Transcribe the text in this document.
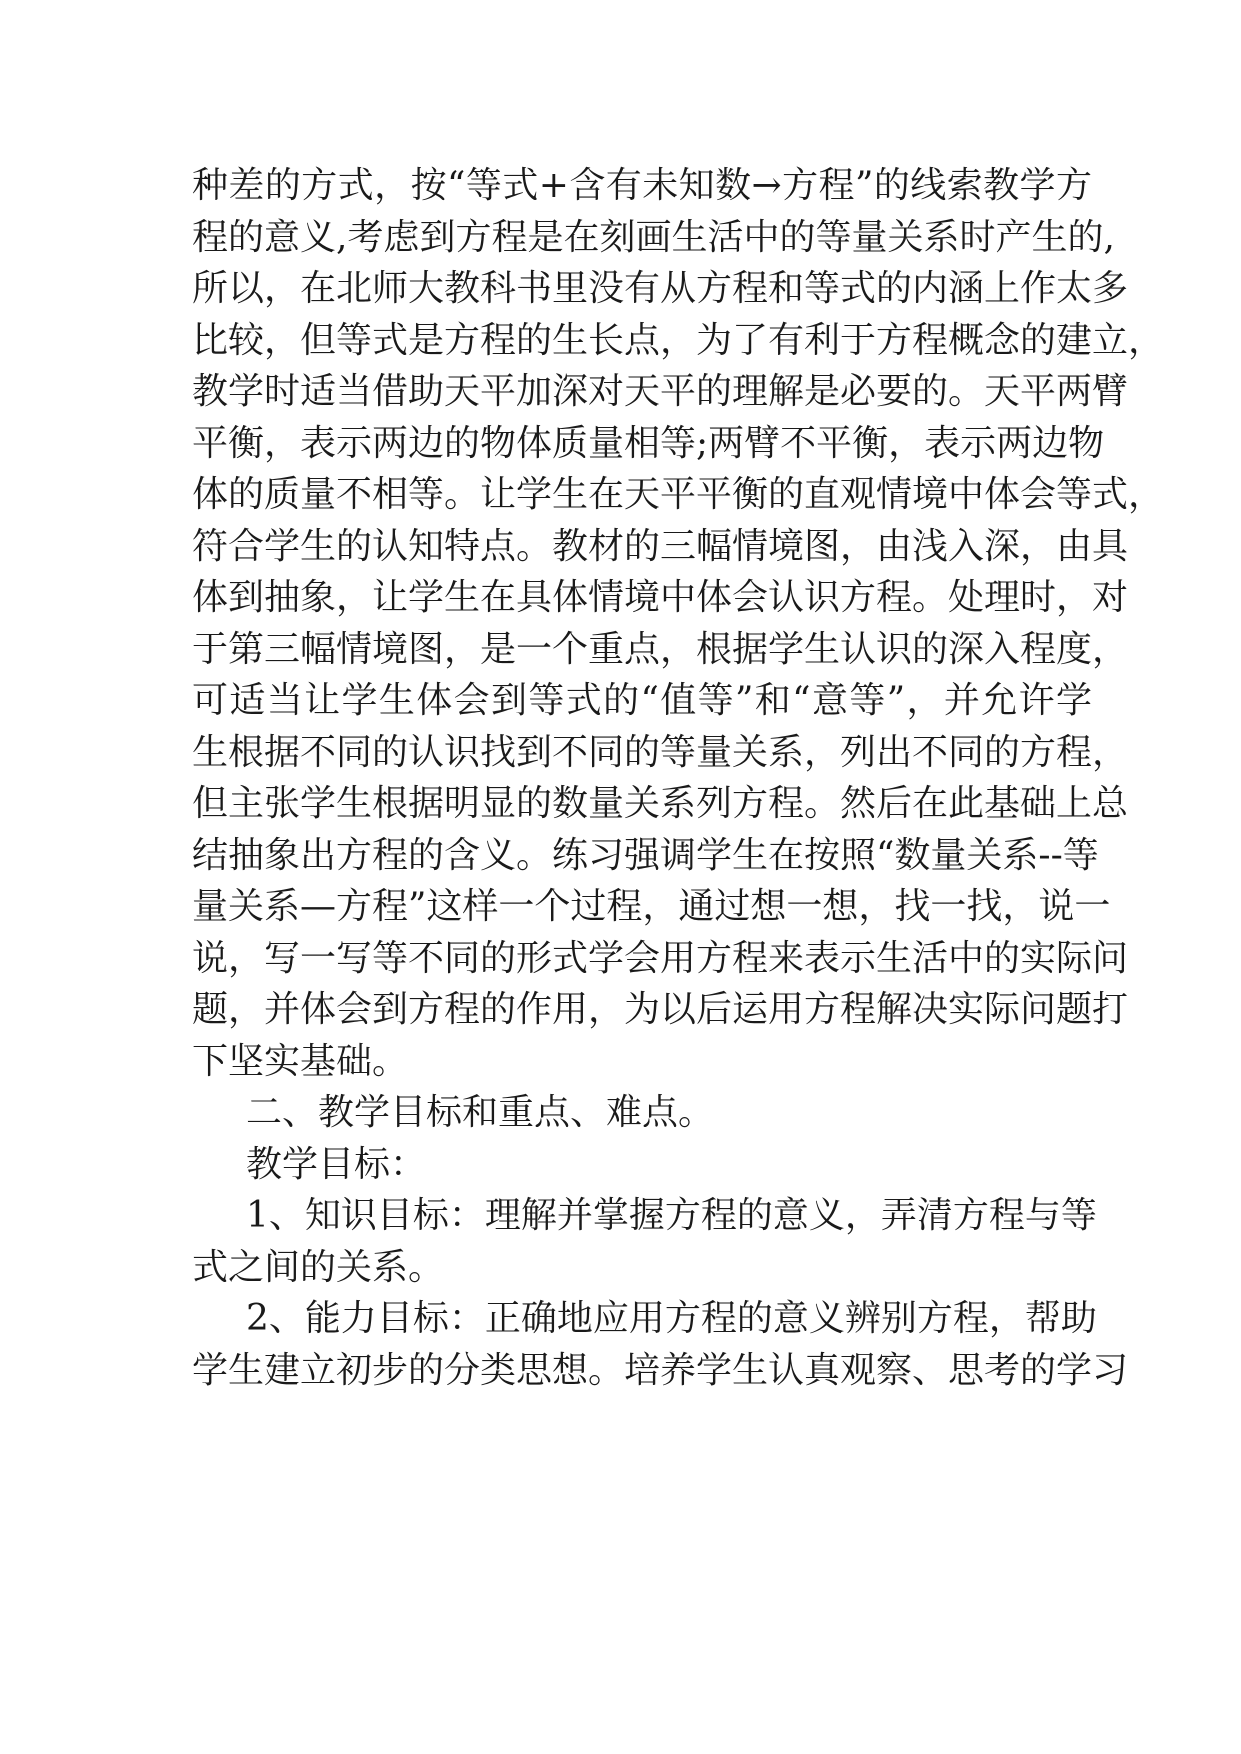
种差的方式，按“等式+含有未知数→方程”的线索教学方
程的意义,考虑到方程是在刻画生活中的等量关系时产生的,
所以，在北师大教科书里没有从方程和等式的内涵上作太多
比较，但等式是方程的生长点，为了有利于方程概念的建立，
教学时适当借助天平加深对天平的理解是必要的。天平两臂
平衡，表示两边的物体质量相等;两臂不平衡，表示两边物
体的质量不相等。让学生在天平平衡的直观情境中体会等式，
符合学生的认知特点。教材的三幅情境图，由浅入深，由具
体到抽象，让学生在具体情境中体会认识方程。处理时，对
于第三幅情境图，是一个重点，根据学生认识的深入程度，
可适当让学生体会到等式的“值等”和“意等”，并允许学
生根据不同的认识找到不同的等量关系，列出不同的方程，
但主张学生根据明显的数量关系列方程。然后在此基础上总
结抽象出方程的含义。练习强调学生在按照“数量关系--等
量关系—方程”这样一个过程，通过想一想，找一找，说一
说，写一写等不同的形式学会用方程来表示生活中的实际问
题，并体会到方程的作用，为以后运用方程解决实际问题打
下坚实基础。
二、教学目标和重点、难点。
教学目标：
1、知识目标：理解并掌握方程的意义，弄清方程与等
式之间的关系。
2、能力目标：正确地应用方程的意义辨别方程，帮助
学生建立初步的分类思想。培养学生认真观察、思考的学习
